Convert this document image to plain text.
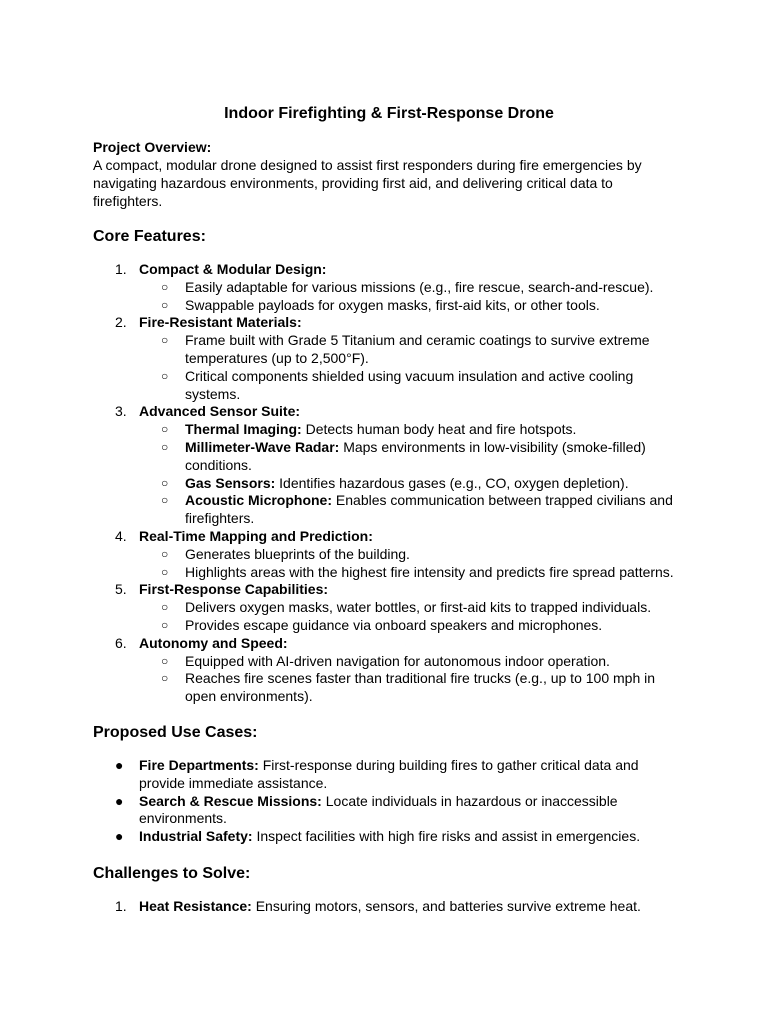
Indoor Firefighting & First-Response Drone
Project Overview:
A compact, modular drone designed to assist first responders during fire emergencies by navigating hazardous environments, providing first aid, and delivering critical data to firefighters.
Core Features:
1. Compact & Modular Design:
○ Easily adaptable for various missions (e.g., fire rescue, search-and-rescue).
○ Swappable payloads for oxygen masks, first-aid kits, or other tools.
2. Fire-Resistant Materials:
○ Frame built with Grade 5 Titanium and ceramic coatings to survive extreme temperatures (up to 2,500°F).
○ Critical components shielded using vacuum insulation and active cooling systems.
3. Advanced Sensor Suite:
○ Thermal Imaging: Detects human body heat and fire hotspots.
○ Millimeter-Wave Radar: Maps environments in low-visibility (smoke-filled) conditions.
○ Gas Sensors: Identifies hazardous gases (e.g., CO, oxygen depletion).
○ Acoustic Microphone: Enables communication between trapped civilians and firefighters.
4. Real-Time Mapping and Prediction:
○ Generates blueprints of the building.
○ Highlights areas with the highest fire intensity and predicts fire spread patterns.
5. First-Response Capabilities:
○ Delivers oxygen masks, water bottles, or first-aid kits to trapped individuals.
○ Provides escape guidance via onboard speakers and microphones.
6. Autonomy and Speed:
○ Equipped with AI-driven navigation for autonomous indoor operation.
○ Reaches fire scenes faster than traditional fire trucks (e.g., up to 100 mph in open environments).
Proposed Use Cases:
● Fire Departments: First-response during building fires to gather critical data and provide immediate assistance.
● Search & Rescue Missions: Locate individuals in hazardous or inaccessible environments.
● Industrial Safety: Inspect facilities with high fire risks and assist in emergencies.
Challenges to Solve:
1. Heat Resistance: Ensuring motors, sensors, and batteries survive extreme heat.
